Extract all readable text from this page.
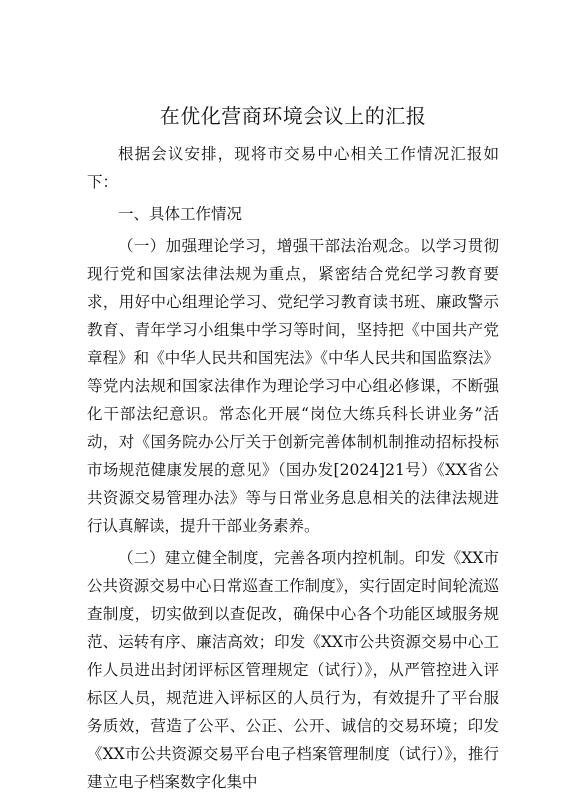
在优化营商环境会议上的汇报

根据会议安排，现将市交易中心相关工作情况汇报如下：

一、具体工作情况

（一）加强理论学习，增强干部法治观念。以学习贯彻现行党和国家法律法规为重点，紧密结合党纪学习教育要求，用好中心组理论学习、党纪学习教育读书班、廉政警示教育、青年学习小组集中学习等时间，坚持把《中国共产党章程》和《中华人民共和国宪法》《中华人民共和国监察法》等党内法规和国家法律作为理论学习中心组必修课，不断强化干部法纪意识。常态化开展“岗位大练兵科长讲业务”活动，对《国务院办公厅关于创新完善体制机制推动招标投标市场规范健康发展的意见》（国办发[2024]21号）《XX省公共资源交易管理办法》等与日常业务息息相关的法律法规进行认真解读，提升干部业务素养。

（二）建立健全制度，完善各项内控机制。印发《XX市公共资源交易中心日常巡查工作制度》，实行固定时间轮流巡查制度，切实做到以查促改，确保中心各个功能区域服务规范、运转有序、廉洁高效；印发《XX市公共资源交易中心工作人员进出封闭评标区管理规定（试行）》，从严管控进入评标区人员，规范进入评标区的人员行为，有效提升了平台服务质效，营造了公平、公正、公开、诚信的交易环境；印发《XX市公共资源交易平台电子档案管理制度（试行）》，推行建立电子档案数字化集中
